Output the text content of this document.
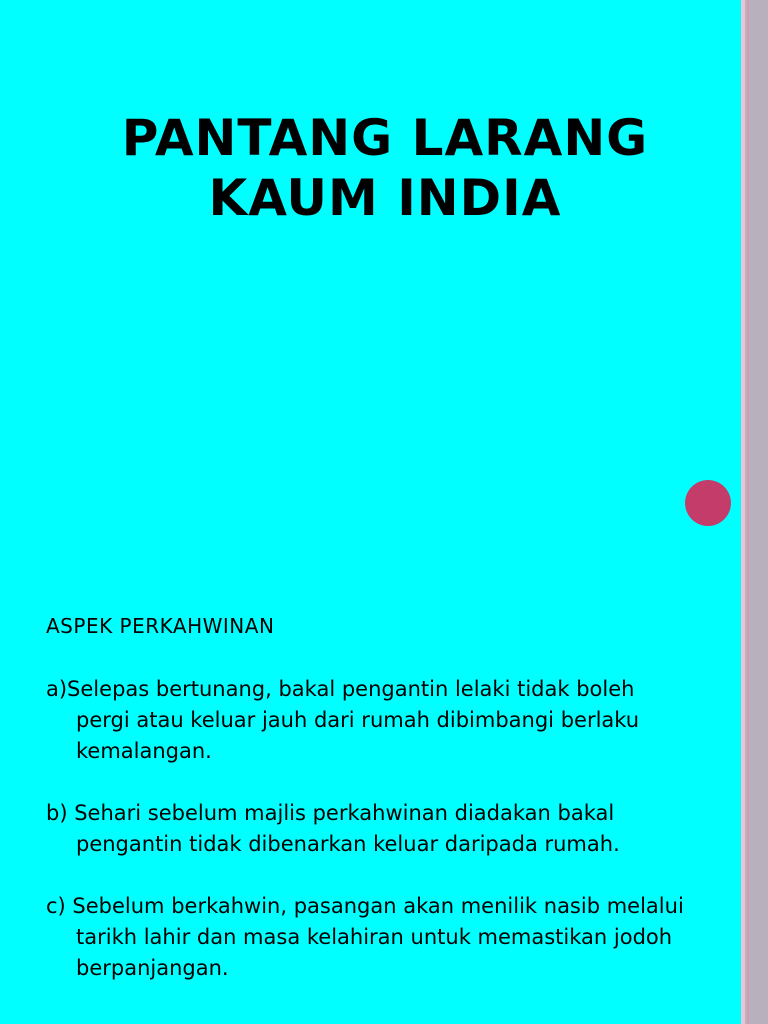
PANTANG LARANG
KAUM INDIA
ASPEK PERKAHWINAN
a)Selepas bertunang, bakal pengantin lelaki tidak boleh pergi atau keluar jauh dari rumah dibimbangi berlaku kemalangan.
b) Sehari sebelum majlis perkahwinan diadakan bakal pengantin tidak dibenarkan keluar daripada rumah.
c) Sebelum berkahwin, pasangan akan menilik nasib melalui tarikh lahir dan masa kelahiran untuk memastikan jodoh berpanjangan.
